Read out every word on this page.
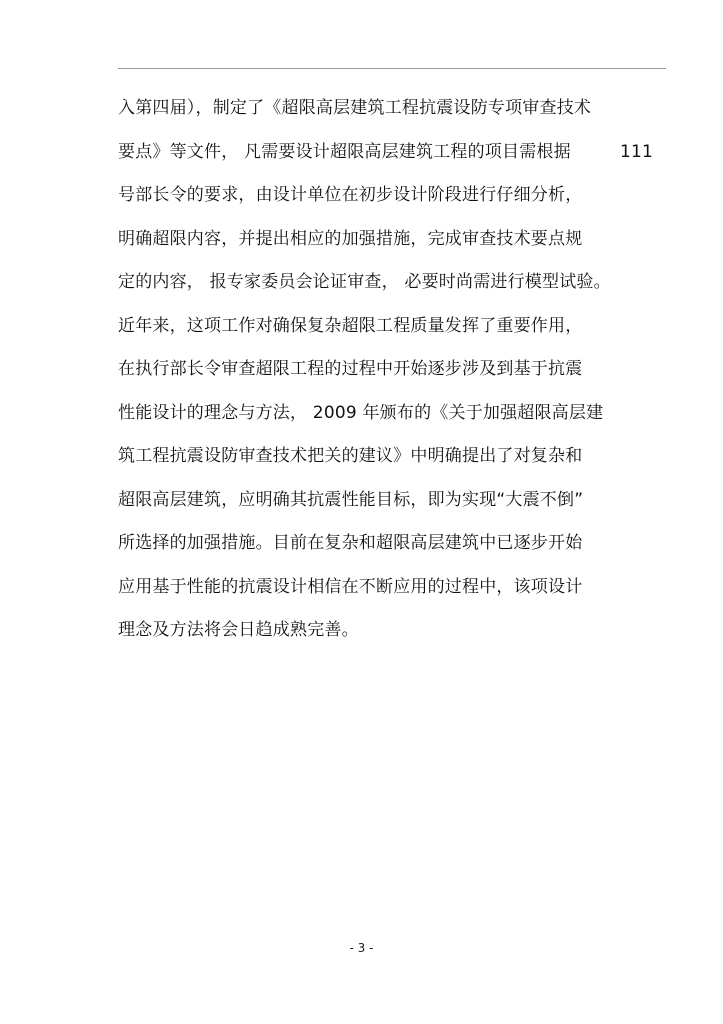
入第四届），制定了《超限高层建筑工程抗震设防专项审查技术
要点》等文件， 凡需要设计超限高层建筑工程的项目需根据	111
号部长令的要求，由设计单位在初步设计阶段进行仔细分析，
明确超限内容，并提出相应的加强措施，完成审查技术要点规
定的内容， 报专家委员会论证审查， 必要时尚需进行模型试验。
近年来，这项工作对确保复杂超限工程质量发挥了重要作用，
在执行部长令审查超限工程的过程中开始逐步涉及到基于抗震
性能设计的理念与方法， 2009 年颁布的《关于加强超限高层建
筑工程抗震设防审查技术把关的建议》中明确提出了对复杂和
超限高层建筑，应明确其抗震性能目标，即为实现“大震不倒”
所选择的加强措施。目前在复杂和超限高层建筑中已逐步开始
应用基于性能的抗震设计相信在不断应用的过程中，该项设计
理念及方法将会日趋成熟完善。
- 3 -
